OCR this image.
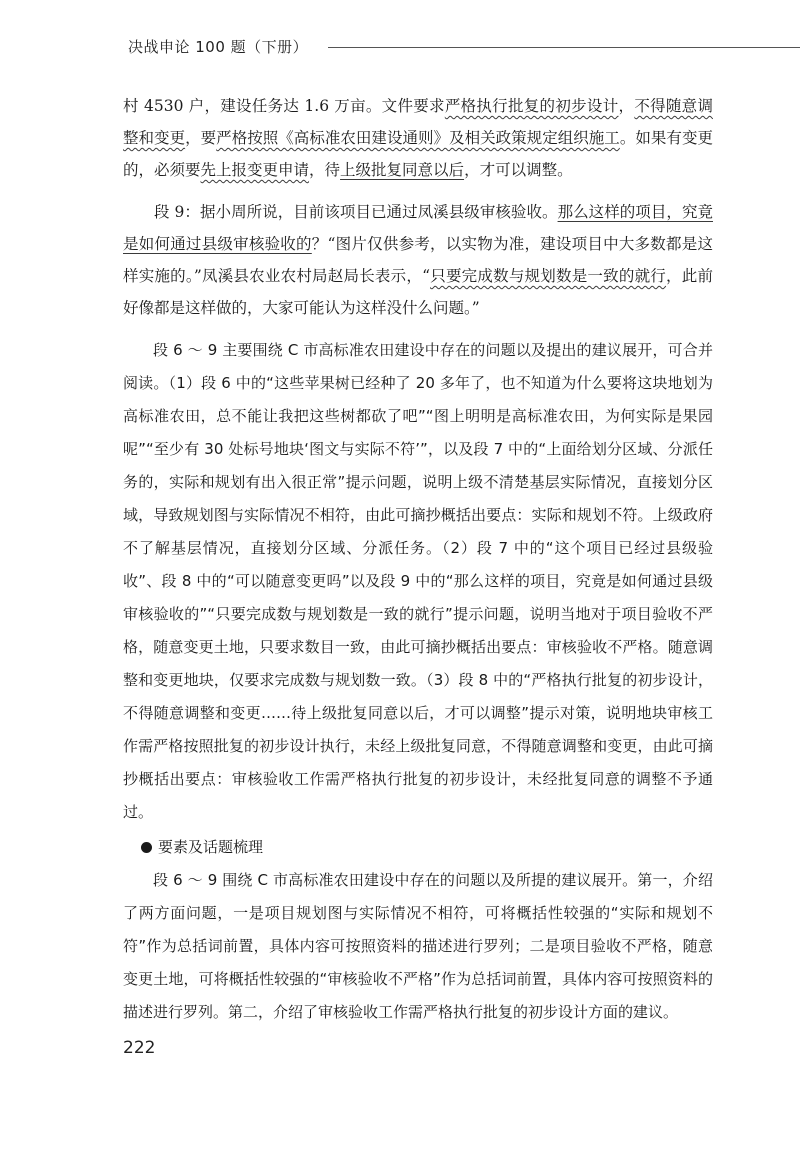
决战申论 100 题（下册）

村 4530 户，建设任务达 1.6 万亩。文件要求严格执行批复的初步设计，不得随意调整和变更，要严格按照《高标准农田建设通则》及相关政策规定组织施工。如果有变更的，必须要先上报变更申请，待上级批复同意以后，才可以调整。

段 9：据小周所说，目前该项目已通过凤溪县级审核验收。那么这样的项目，究竟是如何通过县级审核验收的？“图片仅供参考，以实物为准，建设项目中大多数都是这样实施的。”凤溪县农业农村局赵局长表示，“只要完成数与规划数是一致的就行，此前好像都是这样做的，大家可能认为这样没什么问题。”

段 6 ～ 9 主要围绕 C 市高标准农田建设中存在的问题以及提出的建议展开，可合并阅读。（1）段 6 中的“这些苹果树已经种了 20 多年了，也不知道为什么要将这块地划为高标准农田，总不能让我把这些树都砍了吧”“图上明明是高标准农田，为何实际是果园呢”“至少有 30 处标号地块‘图文与实际不符’”，以及段 7 中的“上面给划分区域、分派任务的，实际和规划有出入很正常”提示问题，说明上级不清楚基层实际情况，直接划分区域，导致规划图与实际情况不相符，由此可摘抄概括出要点：实际和规划不符。上级政府不了解基层情况，直接划分区域、分派任务。（2）段 7 中的“这个项目已经过县级验收”、段 8 中的“可以随意变更吗”以及段 9 中的“那么这样的项目，究竟是如何通过县级审核验收的”“只要完成数与规划数是一致的就行”提示问题，说明当地对于项目验收不严格，随意变更土地，只要求数目一致，由此可摘抄概括出要点：审核验收不严格。随意调整和变更地块，仅要求完成数与规划数一致。（3）段 8 中的“严格执行批复的初步设计，不得随意调整和变更……待上级批复同意以后，才可以调整”提示对策，说明地块审核工作需严格按照批复的初步设计执行，未经上级批复同意，不得随意调整和变更，由此可摘抄概括出要点：审核验收工作需严格执行批复的初步设计，未经批复同意的调整不予通过。

要素及话题梳理

段 6 ～ 9 围绕 C 市高标准农田建设中存在的问题以及所提的建议展开。第一，介绍了两方面问题，一是项目规划图与实际情况不相符，可将概括性较强的“实际和规划不符”作为总括词前置，具体内容可按照资料的描述进行罗列；二是项目验收不严格，随意变更土地，可将概括性较强的“审核验收不严格”作为总括词前置，具体内容可按照资料的描述进行罗列。第二，介绍了审核验收工作需严格执行批复的初步设计方面的建议。

222
